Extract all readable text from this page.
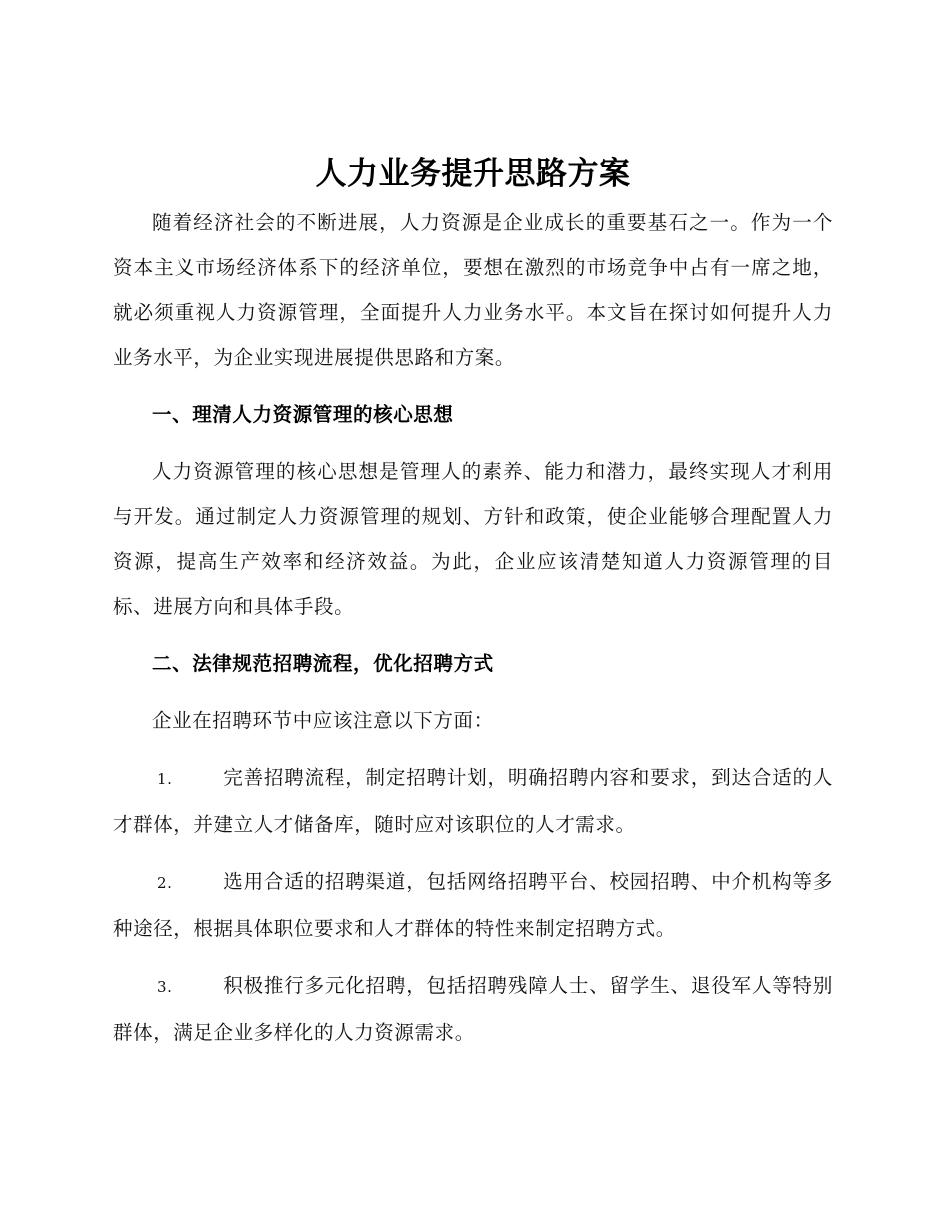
人力业务提升思路方案

随着经济社会的不断进展，人力资源是企业成长的重要基石之一。作为一个资本主义市场经济体系下的经济单位，要想在激烈的市场竞争中占有一席之地，就必须重视人力资源管理，全面提升人力业务水平。本文旨在探讨如何提升人力业务水平，为企业实现进展提供思路和方案。

一、理清人力资源管理的核心思想

人力资源管理的核心思想是管理人的素养、能力和潜力，最终实现人才利用与开发。通过制定人力资源管理的规划、方针和政策，使企业能够合理配置人力资源，提高生产效率和经济效益。为此，企业应该清楚知道人力资源管理的目标、进展方向和具体手段。

二、法律规范招聘流程，优化招聘方式

企业在招聘环节中应该注意以下方面：

1.	完善招聘流程，制定招聘计划，明确招聘内容和要求，到达合适的人才群体，并建立人才储备库，随时应对该职位的人才需求。

2.	选用合适的招聘渠道，包括网络招聘平台、校园招聘、中介机构等多种途径，根据具体职位要求和人才群体的特性来制定招聘方式。

3.	积极推行多元化招聘，包括招聘残障人士、留学生、退役军人等特别群体，满足企业多样化的人力资源需求。
